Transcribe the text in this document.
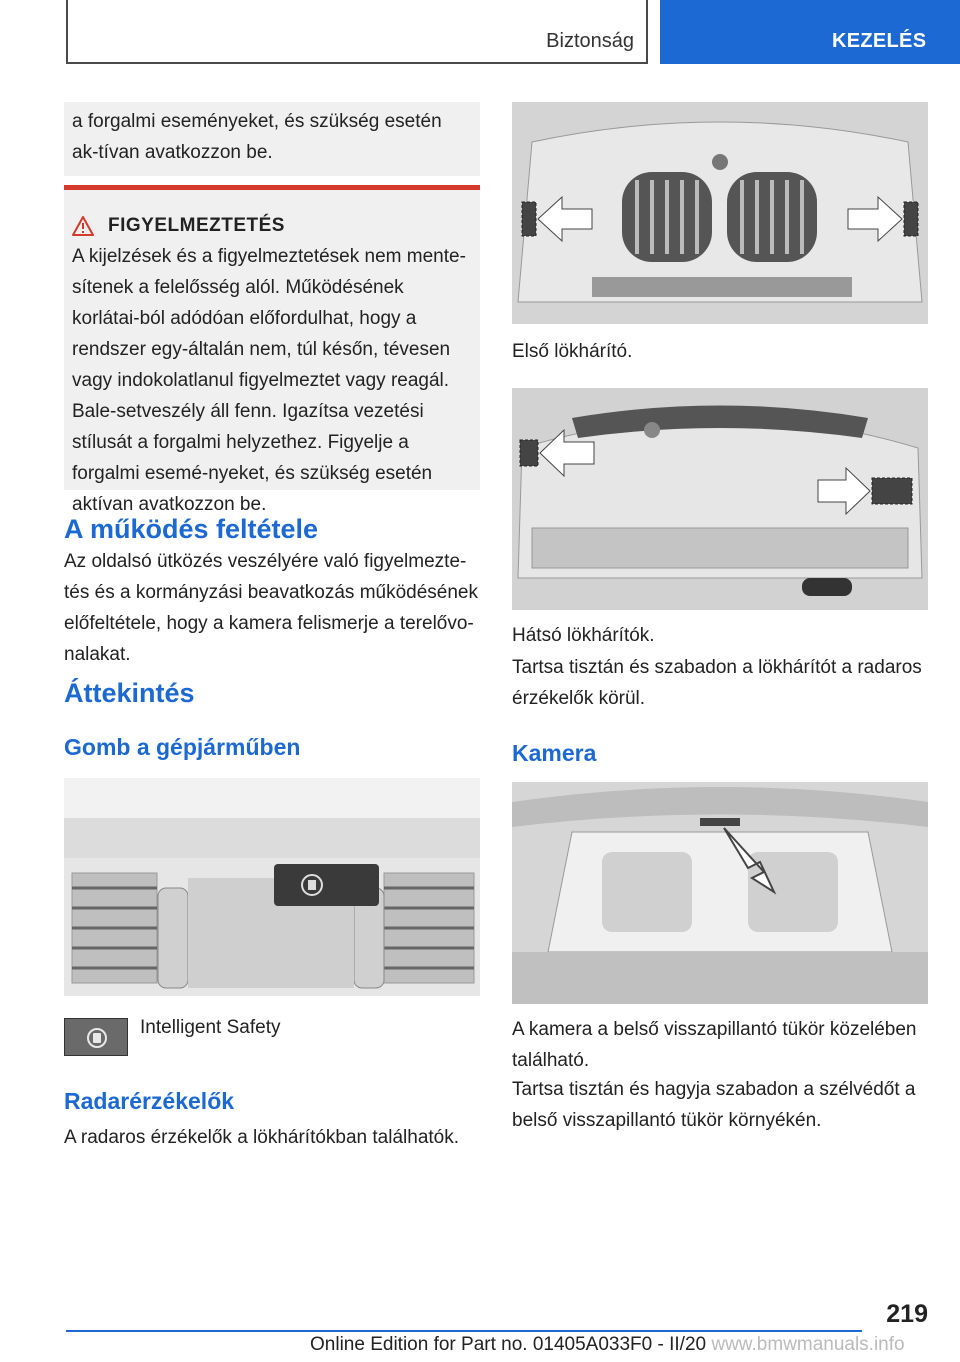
Biztonság	KEZELÉS
a forgalmi eseményeket, és szükség esetén ak-tívan avatkozzon be.
FIGYELMEZTETÉS
A kijelzések és a figyelmeztetések nem mente-sítenek a felelősség alól. Működésének korlátai-ból adódóan előfordulhat, hogy a rendszer egy-általán nem, túl későn, tévesen vagy indokolatlanul figyelmeztet vagy reagál. Bale-setveszély áll fenn. Igazítsa vezetési stílusát a forgalmi helyzethez. Figyelje a forgalmi esemé-nyeket, és szükség esetén aktívan avatkozzon be.
A működés feltétele
Az oldalsó ütközés veszélyére való figyelmezte-tés és a kormányzási beavatkozás működésének előfeltétele, hogy a kamera felismerje a terelővo-nalakat.
Áttekintés
Gomb a gépjárműben
Intelligent Safety
Radarérzékelők
A radaros érzékelők a lökhárítókban találhatók.
Első lökhárító.
Hátsó lökhárítók.
Tartsa tisztán és szabadon a lökhárítót a radaros érzékelők körül.
Kamera
A kamera a belső visszapillantó tükör közelében található.
Tartsa tisztán és hagyja szabadon a szélvédőt a belső visszapillantó tükör környékén.
219
Online Edition for Part no. 01405A033F0 - II/20 www.bmwmanuals.info
